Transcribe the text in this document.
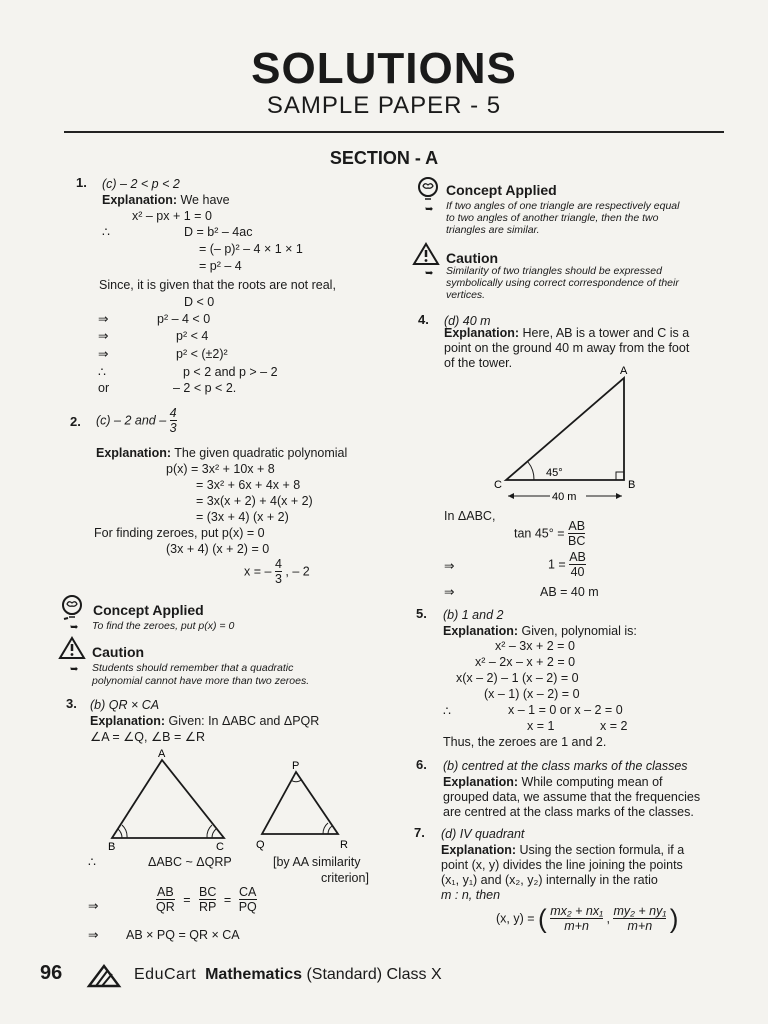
SOLUTIONS
SAMPLE PAPER - 5
SECTION - A
1. (c) – 2 < p < 2
Explanation: We have
x² – px + 1 = 0
∴	D = b² – 4ac
= (– p)² – 4 × 1 × 1
= p² – 4
Since, it is given that the roots are not real,
D < 0
⇒	p² – 4 < 0
⇒	p² < 4
⇒	p² < (±2)²
∴	p < 2 and p > – 2
or	– 2 < p < 2.
2. (c) – 2 and – $\frac{4}{3}$
Explanation: The given quadratic polynomial
p(x) = 3x² + 10x + 8
= 3x² + 6x + 4x + 8
= 3x(x + 2) + 4(x + 2)
= (3x + 4) (x + 2)
For finding zeroes, put p(x) = 0
(3x + 4) (x + 2) = 0
x = – $\frac{4}{3}$ , – 2
Concept Applied
➥ To find the zeroes, put p(x) = 0
Caution
➥ Students should remember that a quadratic
polynomial cannot have more than two zeroes.
3. (b) QR × CA
Explanation: Given: In ΔABC and ΔPQR
∠A = ∠Q, ∠B = ∠R
A
B	C
P
Q	R
∴	ΔABC ~ ΔQRP	[by AA similarity
criterion]
⇒	$\frac{AB}{QR} = \frac{BC}{RP} = \frac{CA}{PQ}$
⇒ AB × PQ = QR × CA
Concept Applied
➥ If two angles of one triangle are respectively equal
to two angles of another triangle, then the two
triangles are similar.
Caution
➥ Similarity of two triangles should be expressed
symbolically using correct correspondence of their
vertices.
4. (d) 40 m
Explanation: Here, AB is a tower and C is a
point on the ground 40 m away from the foot
of the tower.
A
C	B
45°
40 m
In ΔABC,
$\tan 45^\circ = \frac{AB}{BC}$
⇒	$1 = \frac{AB}{40}$
⇒	AB = 40 m
5. (b) 1 and 2
Explanation: Given, polynomial is:
x² – 3x + 2 = 0
x² – 2x – x + 2 = 0
x(x – 2) – 1 (x – 2) = 0
(x – 1) (x – 2) = 0
∴	x – 1 = 0 or x – 2 = 0
x = 1	x = 2
Thus, the zeroes are 1 and 2.
6. (b) centred at the class marks of the classes
Explanation: While computing mean of
grouped data, we assume that the frequencies
are centred at the class marks of the classes.
7. (d) IV quadrant
Explanation: Using the section formula, if a
point (x, y) divides the line joining the points
(x₁, y₁) and (x₂, y₂) internally in the ratio
m : n, then
(x, y) = ( $\frac{\text{mx₂ + nx₁}}{m+n}$ , $\frac{\text{my₂ + ny₁}}{m+n}$ )
96	EduCart Mathematics (Standard) Class X
